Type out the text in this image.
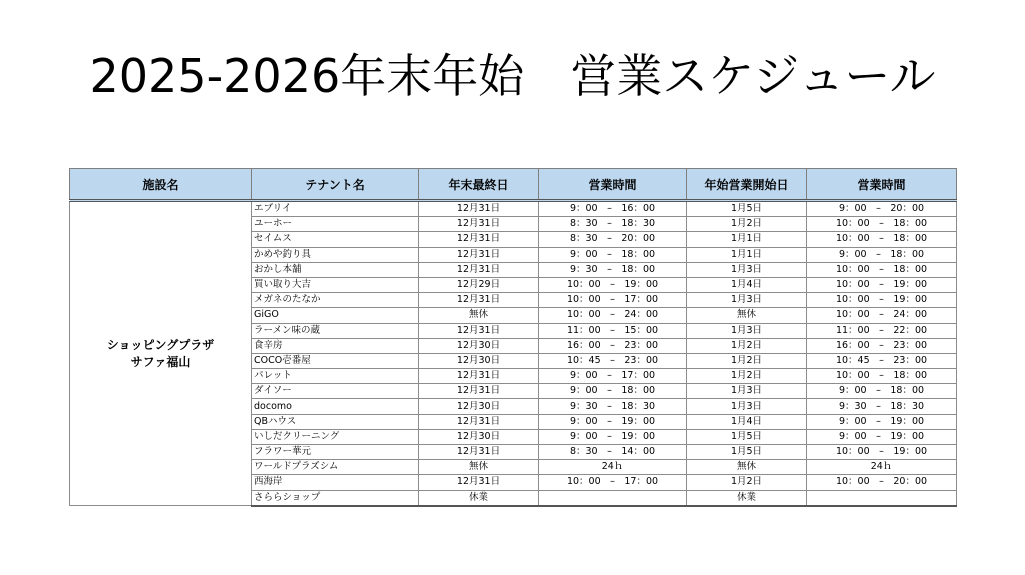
2025-2026年末年始　営業スケジュール
施設名	テナント名	年末最終日	営業時間	年始営業開始日	営業時間

ショッピングプラザ
サファ福山	エブリイ	12月31日	9：00　–　16：00	1月5日	9：00　–　20：00
	ユーホー	12月31日	8：30　–　18：30	1月2日	10：00　–　18：00
	セイムス	12月31日	8：30　–　20：00	1月1日	10：00　–　18：00
	かめや釣り具	12月31日	9：00　–　18：00	1月1日	9：00　–　18：00
	おかし本舗	12月31日	9：30　–　18：00	1月3日	10：00　–　18：00
	買い取り大吉	12月29日	10：00　–　19：00	1月4日	10：00　–　19：00
	メガネのたなか	12月31日	10：00　–　17：00	1月3日	10：00　–　19：00
	GiGO	無休	10：00　–　24：00	無休	10：00　–　24：00
	ラーメン味の蔵	12月31日	11：00　–　15：00	1月3日	11：00　–　22：00
	食辛房	12月30日	16：00　–　23：00	1月2日	16：00　–　23：00
	COCO壱番屋	12月30日	10：45　–　23：00	1月2日	10：45　–　23：00
	パレット	12月31日	9：00　–　17：00	1月2日	10：00　–　18：00
	ダイソー	12月31日	9：00　–　18：00	1月3日	9：00　–　18：00
	docomo	12月30日	9：30　–　18：30	1月3日	9：30　–　18：30
	QBハウス	12月31日	9：00　–　19：00	1月4日	9：00　–　19：00
	いしだクリーニング	12月30日	9：00　–　19：00	1月5日	9：00　–　19：00
	フラワー華元	12月31日	8：30　–　14：00	1月5日	10：00　–　19：00
	ワールドプラズシム	無休	24ｈ	無休	24ｈ
	西海岸	12月31日	10：00　–　17：00	1月2日	10：00　–　20：00
	さららショップ	休業		休業	
